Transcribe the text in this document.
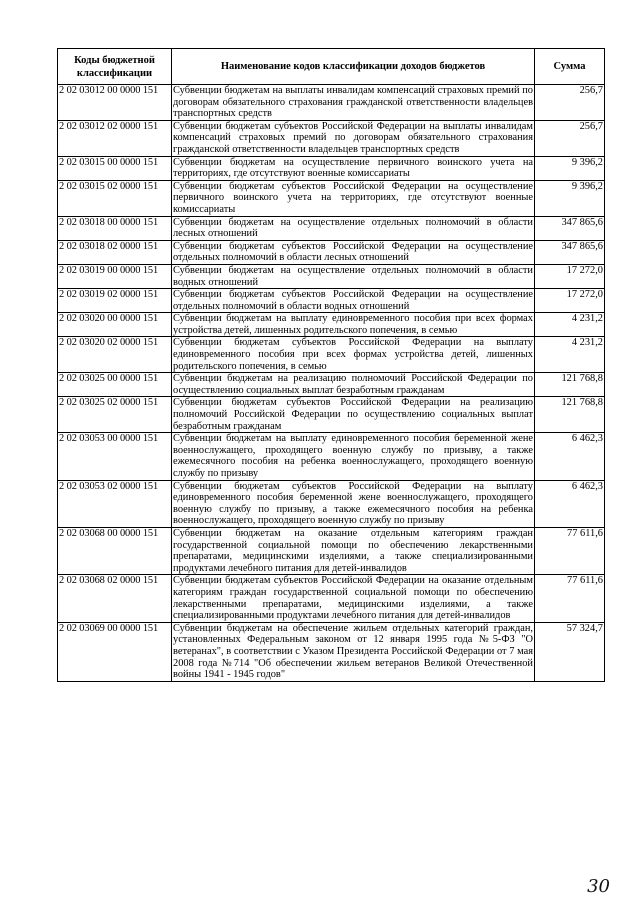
Коды бюджетной классификации	Наименование кодов классификации доходов бюджетов	Сумма
2 02 03012 00 0000 151	Субвенции бюджетам на выплаты инвалидам компенсаций страховых премий по договорам обязательного страхования гражданской ответственности владельцев транспортных средств	256,7
2 02 03012 02 0000 151	Субвенции бюджетам субъектов Российской Федерации на выплаты инвалидам компенсаций страховых премий по договорам обязательного страхования гражданской ответственности владельцев транспортных средств	256,7
2 02 03015 00 0000 151	Субвенции бюджетам на осуществление первичного воинского учета на территориях, где отсутствуют военные комиссариаты	9 396,2
2 02 03015 02 0000 151	Субвенции бюджетам субъектов Российской Федерации на осуществление первичного воинского учета на территориях, где отсутствуют военные комиссариаты	9 396,2
2 02 03018 00 0000 151	Субвенции бюджетам на осуществление отдельных полномочий в области лесных отношений	347 865,6
2 02 03018 02 0000 151	Субвенции бюджетам субъектов Российской Федерации на осуществление отдельных полномочий в области лесных отношений	347 865,6
2 02 03019 00 0000 151	Субвенции бюджетам на осуществление отдельных полномочий в области водных отношений	17 272,0
2 02 03019 02 0000 151	Субвенции бюджетам субъектов Российской Федерации на осуществление отдельных полномочий в области водных отношений	17 272,0
2 02 03020 00 0000 151	Субвенции бюджетам на выплату единовременного пособия при всех формах устройства детей, лишенных родительского попечения, в семью	4 231,2
2 02 03020 02 0000 151	Субвенции бюджетам субъектов Российской Федерации на выплату единовременного пособия при всех формах устройства детей, лишенных родительского попечения, в семью	4 231,2
2 02 03025 00 0000 151	Субвенции бюджетам на реализацию полномочий Российской Федерации по осуществлению социальных выплат безработным гражданам	121 768,8
2 02 03025 02 0000 151	Субвенции бюджетам субъектов Российской Федерации на реализацию полномочий Российской Федерации по осуществлению социальных выплат безработным гражданам	121 768,8
2 02 03053 00 0000 151	Субвенции бюджетам на выплату единовременного пособия беременной жене военнослужащего, проходящего военную службу по призыву, а также ежемесячного пособия на ребенка военнослужащего, проходящего военную службу по призыву	6 462,3
2 02 03053 02 0000 151	Субвенции бюджетам субъектов Российской Федерации на выплату единовременного пособия беременной жене военнослужащего, проходящего военную службу по призыву, а также ежемесячного пособия на ребенка военнослужащего, проходящего военную службу по призыву	6 462,3
2 02 03068 00 0000 151	Субвенции бюджетам на оказание отдельным категориям граждан государственной социальной помощи по обеспечению лекарственными препаратами, медицинскими изделиями, а также специализированными продуктами лечебного питания для детей-инвалидов	77 611,6
2 02 03068 02 0000 151	Субвенции бюджетам субъектов Российской Федерации на оказание отдельным категориям граждан государственной социальной помощи по обеспечению лекарственными препаратами, медицинскими изделиями, а также специализированными продуктами лечебного питания для детей-инвалидов	77 611,6
2 02 03069 00 0000 151	Субвенции бюджетам на обеспечение жильем отдельных категорий граждан, установленных Федеральным законом от 12 января 1995 года №5-ФЗ "О ветеранах", в соответствии с Указом Президента Российской Федерации от 7 мая 2008 года №714 "Об обеспечении жильем ветеранов Великой Отечественной войны 1941 - 1945 годов"	57 324,7
30
